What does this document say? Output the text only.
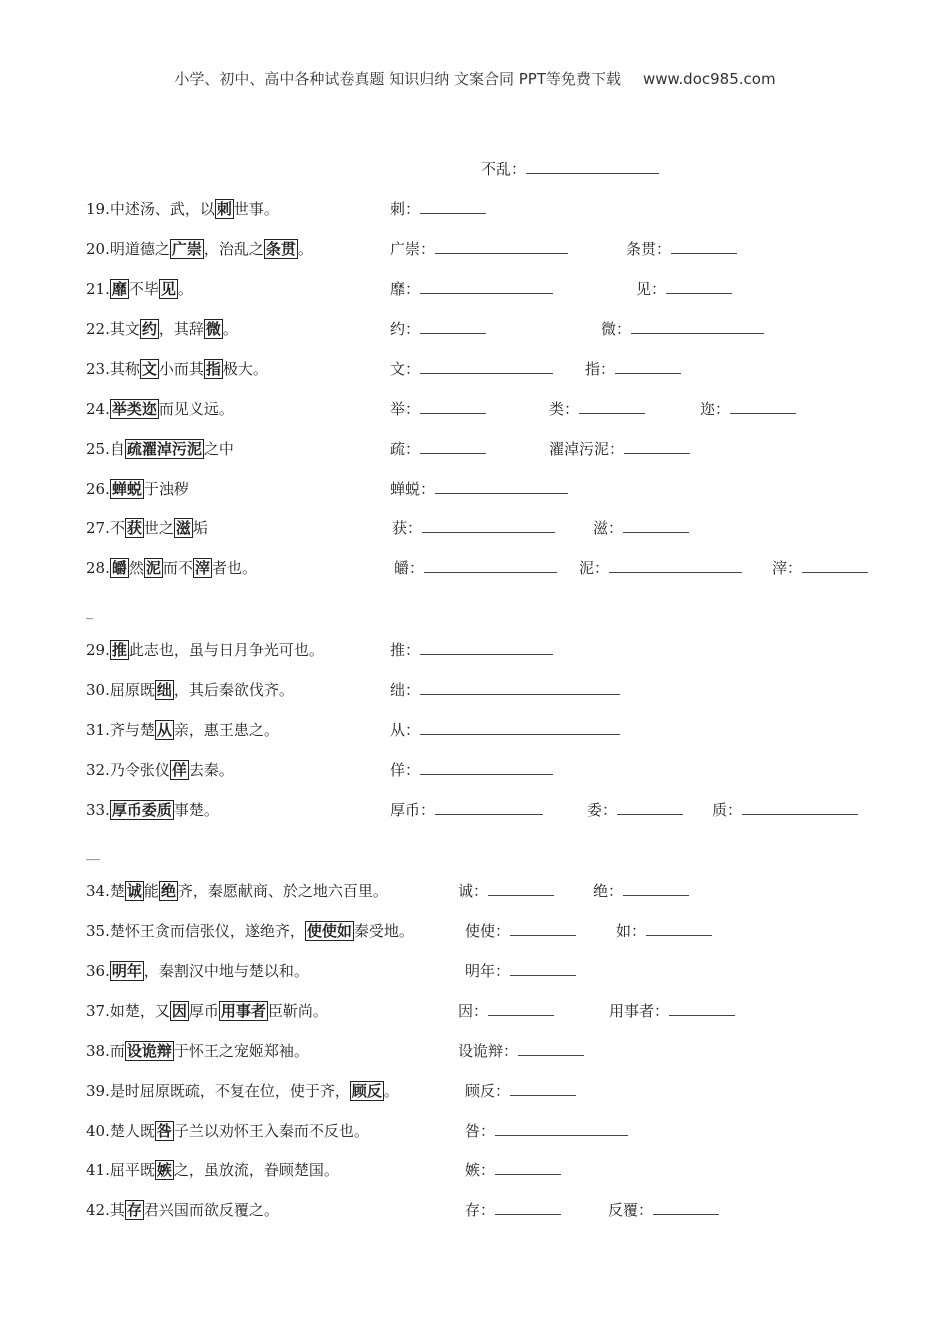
小学、初中、高中各种试卷真题 知识归纳 文案合同 PPT等免费下载 www.doc985.com
不乱：
19.中述汤、武，以 刺 世事。	刺：
20.明道德之 广崇 ，治乱之 条贯 。	广崇：	条贯：
21. 靡 不毕 见 。	靡：	见：
22.其文 约 ，其辞 微 。	约：	微：
23.其称 文 小而其 指 极大。	文：	指：
24. 举类迩 而见义远。	举：	类：	迩：
25.自 疏濯淖污泥 之中	疏：	濯淖污泥：
26. 蝉蜕 于浊秽	蝉蜕：
27.不 获 世之 滋 垢	获：	滋：
28. 皭 然 泥 而不 滓 者也。	皭：	泥：	滓：
_
29. 推 此志也，虽与日月争光可也。	推：
30.屈原既 绌 ，其后秦欲伐齐。	绌：
31.齐与楚 从 亲，惠王患之。	从：
32.乃令张仪 佯 去秦。	佯：
33. 厚币委质 事楚。	厚币：	委：	质：
__
34.楚 诚 能 绝 齐，秦愿献商、於之地六百里。	诚：	绝：
35.楚怀王贪而信张仪，遂绝齐， 使使如 秦受地。	使使：	如：
36. 明年 ，秦割汉中地与楚以和。	明年：
37.如楚，又 因 厚币 用事者 臣靳尚。	因：	用事者：
38.而 设诡辩 于怀王之宠姬郑袖。	设诡辩：
39.是时屈原既疏，不复在位，使于齐， 顾反 。	顾反：
40.楚人既 咎 子兰以劝怀王入秦而不反也。	咎：
41.屈平既 嫉 之，虽放流，眷顾楚国。	嫉：
42.其 存 君兴国而欲反覆之。	存：	反覆：
